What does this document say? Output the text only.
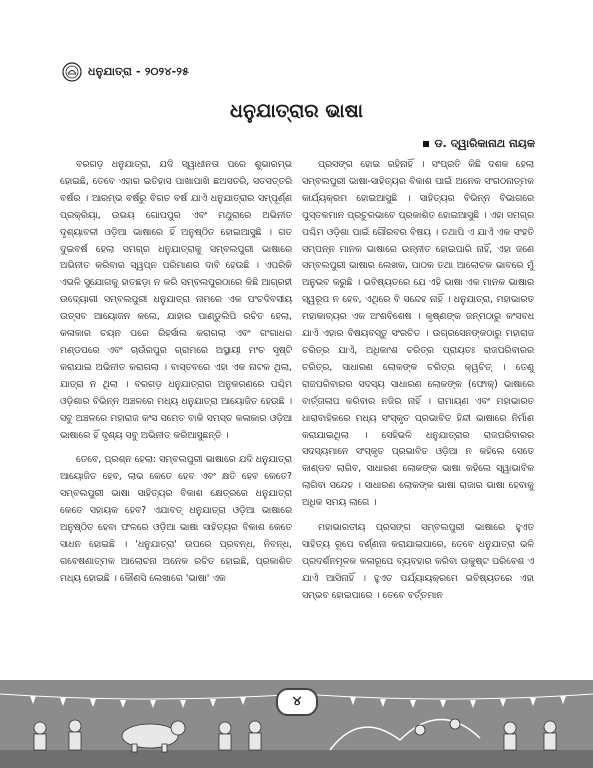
ଧନୁଯାତ୍ରା - ୨୦୨୪-୨୫
ଧନୁଯାତ୍ରାର ଭାଷା
ଡ. ଦ୍ୱାରିକାନାଥ ନାୟକ

ବରଗଡ଼ ଧନୁଯାତ୍ରା, ଯଦି ସ୍ୱାଧୀନତା ପରେ ଶୁଭାରମ୍ଭ ହୋଇଛି, ତେବେ ଏହାର ଇତିହାସ ପାଖାପାଖି ଛଅସତରି, ସତସତ୍ତରି ବର୍ଷର । ଆରମ୍ଭ ବର୍ଷରୁ ବିଗତ ବର୍ଷ ଯାଏଁ ଧନୁଯାତ୍ରାର ସମ୍ପୂର୍ଣ୍ଣ ପ୍ରକ୍ରିୟା, ଉଭୟ ଗୋପପୁର ଏବଂ ମଥୁରାରେ ଅଭିନୀତ ଦୃଶ୍ୟାବଳୀ ଓଡ଼ିଆ ଭାଷାରେ ହିଁ ଅନୁଷ୍ଠିତ ହୋଇଆସୁଛି । ଗତ ଦୁଇବର୍ଷ ହେଲା ସମଗ୍ର ଧନୁଯାତ୍ରାକୁ ସମ୍ବଲପୁରୀ ଭାଷାରେ ଅଭିନୀତ କରିବାର ସ୍ୱପ୍ନ ପରିମାଣର ଦାବି ହେଉଛି । ଏପରିକି ଏଭଳି ସୁଯୋଗକୁ ହାତଛଡ଼ା ନ କରି ସମ୍ବଲପୁରଠାରେ କିଛି ଆଗ୍ରହୀ ଉଦ୍ୟୋଗୀ ସମ୍ବଲପୁରୀ ଧନୁଯାତ୍ରା ନାମରେ ଏକ ପଂଚଦିବସୀୟ ଉତ୍ସବ ଆୟୋଜନ କଲେ, ଯାହାର ପାଣ୍ଡୁଲିପି ରଚିତ ହେଲା, କଳାକାର ଚୟନ ପରେ ରିହର୍ସାଲ କରାଗଲା ଏବଂ ଗଂଗାଧର ମଣ୍ଡପରେ ଏବଂ ଚାଉଁରପୁର ଗ୍ରାମରେ ଅସ୍ଥାୟୀ ମଂଚ ସୃଷ୍ଟି କରାଯାଇ ଅଭିନୀତ କରାଗଲା । ବାସ୍ତବରେ ଏହା ଏକ ନାଟକ ଥିଲା, ଯାତ୍ରା ନ ଥିଲା । ବରଗଡ଼ ଧନୁଯାତ୍ରାର ଅନୁକରଣରେ ପଶ୍ଚିମ ଓଡ଼ିଶାର ବିଭିନ୍ନ ଅଞ୍ଚଳରେ ମଧ୍ୟ ଧନୁଯାତ୍ରା ଆୟୋଜିତ ହେଉଛି । ସବୁ ଅଞ୍ଚଳରେ ମହାରାଜ କଂସ ସମେତ ବାକି ସମସ୍ତ କଳାକାର ଓଡ଼ିଆ ଭାଷାରେ ହିଁ ଦୃଶ୍ୟ ସବୁ ଅଭିନୀତ କରିଆସୁଛନ୍ତି ।

ତେବେ, ପ୍ରଶ୍ନ ହେଲା: ସମ୍ବଲପୁରୀ ଭାଷାରେ ଯଦି ଧନୁଯାତ୍ରା ଆୟୋଜିତ ହେବ, ଲାଭ କେତେ ହେବ ଏବଂ କ୍ଷତି ହେବ କେତେ? ସମ୍ବଲପୁରୀ ଭାଷା ସାହିତ୍ୟର ବିକାଶ କ୍ଷେତ୍ରରେ ଧନୁଯାତ୍ରା କେତେ ସହାୟକ ହେବ? ଏଯାବତ୍ ଧନୁଯାତ୍ରା ଓଡ଼ିଆ ଭାଷାରେ ଅନୁଷ୍ଠିତ ହେବା ଫଳରେ ଓଡ଼ିଆ ଭାଷା ସାହିତ୍ୟର ବିକାଶ କେତେ ସାଧନ ହୋଇଛି । 'ଧନୁଯାତ୍ରା' ଉପରେ ପ୍ରବନ୍ଧ, ନିବନ୍ଧ, ଗବେଷଣାତ୍ମକ ଆଲୋଚନା ଅନେକ ରଚିତ ହୋଇଛି, ପ୍ରକାଶିତ ମଧ୍ୟ ହୋଇଛି । କୌଣସି ଲେଖାରେ 'ଭାଷା' ଏକ

ପ୍ରସଙ୍ଗ ହୋଇ ରହିନାହିଁ । ସଂପ୍ରତି କିଛି ଦଶକ ହେଲା ସମ୍ବଲପୁରୀ ଭାଷା-ସାହିତ୍ୟର ବିକାଶ ପାଇଁ ଅନେକ ସଂଗଠନାତ୍ମକ କାର୍ଯ୍ୟକ୍ରମ ହୋଇଆସୁଛି । ସାହିତ୍ୟର ବିଭିନ୍ନ ବିଭାଗରେ ପୁସ୍ତକମାନ ପ୍ରଚୁରଭାବେ ପ୍ରକାଶିତ ହୋଇଆସୁଛି । ଏହା ସମଗ୍ର ପଶ୍ଚିମ ଓଡ଼ିଶା ପାଇଁ ଗୌରବର ବିଷୟ । ତଥାପି ଏ ଯାଏଁ ଏକ ସଂହତି ସମ୍ପନ୍ନ ମାନକ ଭାଷାରେ ଉନ୍ନୀତ ହୋଇପାରି ନାହିଁ, ଏହା ଜଣେ ସମ୍ବଲପୁରୀ ଭାଷାର ଲେଖକ, ପାଠକ ତଥା ଆଲୋଚକ ଭାବରେ ମୁଁ ଅନୁଭବ କରୁଛି । ଭବିଷ୍ୟତରେ ଯେ ଏହି ଭାଷା ଏକ ମାନକ ଭାଷାର ସ୍ୱରୂପ ନ ହେବ, ଏଥିରେ ବି ସନ୍ଦେହ ନାହିଁ । ଧନୁଯାତ୍ରା, ମହାଭାରତ ମହାକାବ୍ୟର ଏକ ଅଂଶବିଶେଷ । କୃଷ୍ଣଙ୍କ ଜନ୍ମଠାରୁ କଂସବଧ ଯାଏଁ ଏହାର ବିଷୟବସ୍ତୁ ସଂରଚିତ । ଉଗ୍ରସେନଙ୍କଠାରୁ ମହାରାଜ ଚରିତ୍ର ଯାଏଁ, ଅଧିକାଂଶ ଚରିତ୍ର ପ୍ରାୟତଃ ରାଜପରିବାରର ଚରିତ୍ର, ସାଧାରଣ ଲୋକଙ୍କ ଚରିତ୍ର କ୍ୱଚିତ୍ । ତେଣୁ ରାଜପରିବାରର ସଦସ୍ୟ ସାଧାରଣ ଲୋକଙ୍କ (ଫୋକ୍) ଭାଷାରେ ବାର୍ତ୍ତାଳାପ କରିବାର ନଜିର ନାହିଁ । ରାମାୟଣ ଏବଂ ମହାଭାରତ ଧାରାବାହିକରେ ମଧ୍ୟ ସଂସ୍କୃତ ପ୍ରଭାବିତ ହିନ୍ଦୀ ଭାଷାରେ ନିର୍ମାଣ କରାଯାଇଥିଲା । ସେହିଭଳି ଧନୁଯାତ୍ରାର ରାଜପରିବାରର ସଦସ୍ୟମାନେ ସଂସ୍କୃତ ପ୍ରଭାବିତ ଓଡ଼ିଆ ନ କହିଲେ ସେତେ କାଣ୍ଡବ ଲାଗିବ, ସାଧାରଣ ଲୋକଙ୍କ ଭାଷା କହିଲେ ସ୍ୱାଭାବିକ ଲାଗିବା ସନ୍ଦେହ । ସାଧାରଣ ଲୋକଙ୍କ ଭାଷା ରାଜାର ଭାଷା ହେବାକୁ ଅଧିକ ସମୟ ଲାଗେ ।

ମହାଭାରତୀୟ ପ୍ରସଙ୍ଗ ସମ୍ବଲପୁରୀ ଭାଷାରେ ହୁଏତ ସାହିତ୍ୟ ରୂପେ ବର୍ଣ୍ଣନା କରାଯାଇପାରେ, ତେବେ ଧନୁଯାତ୍ରା ଭଳି ପ୍ରଦର୍ଶନମୂଳକ କଳାରୂପେ ବ୍ୟବହାର କରିବା ଉକୁଷ୍ଟ ପରିବେଶ ଏ ଯାଏଁ ଆସିନାହିଁ । ହୁଏତ ପର୍ଯ୍ୟାୟକ୍ରମେ ଭବିଷ୍ୟତରେ ଏହା ସମ୍ଭବ ହୋଇପାରେ । ତେବେ ବର୍ତ୍ତମାନ

୪
